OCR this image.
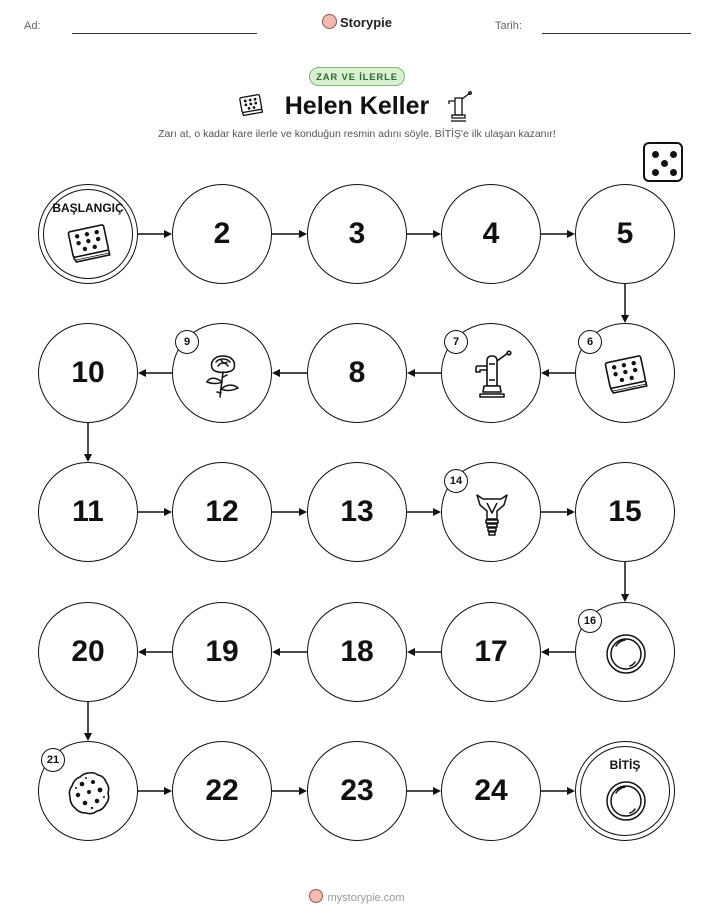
Ad:	Storypie	Tarih:
ZAR VE İLERLE
Helen Keller
Zarı at, o kadar kare ilerle ve konduğun resmin adını söyle. BİTİŞ'e ilk ulaşan kazanır!
BAŞLANGIÇ
2	3	4	5
6
7
8
9
10
11	12	13
14
15
16
17
18
19
20
21
22	23	24
BİTİŞ
mystorypie.com
